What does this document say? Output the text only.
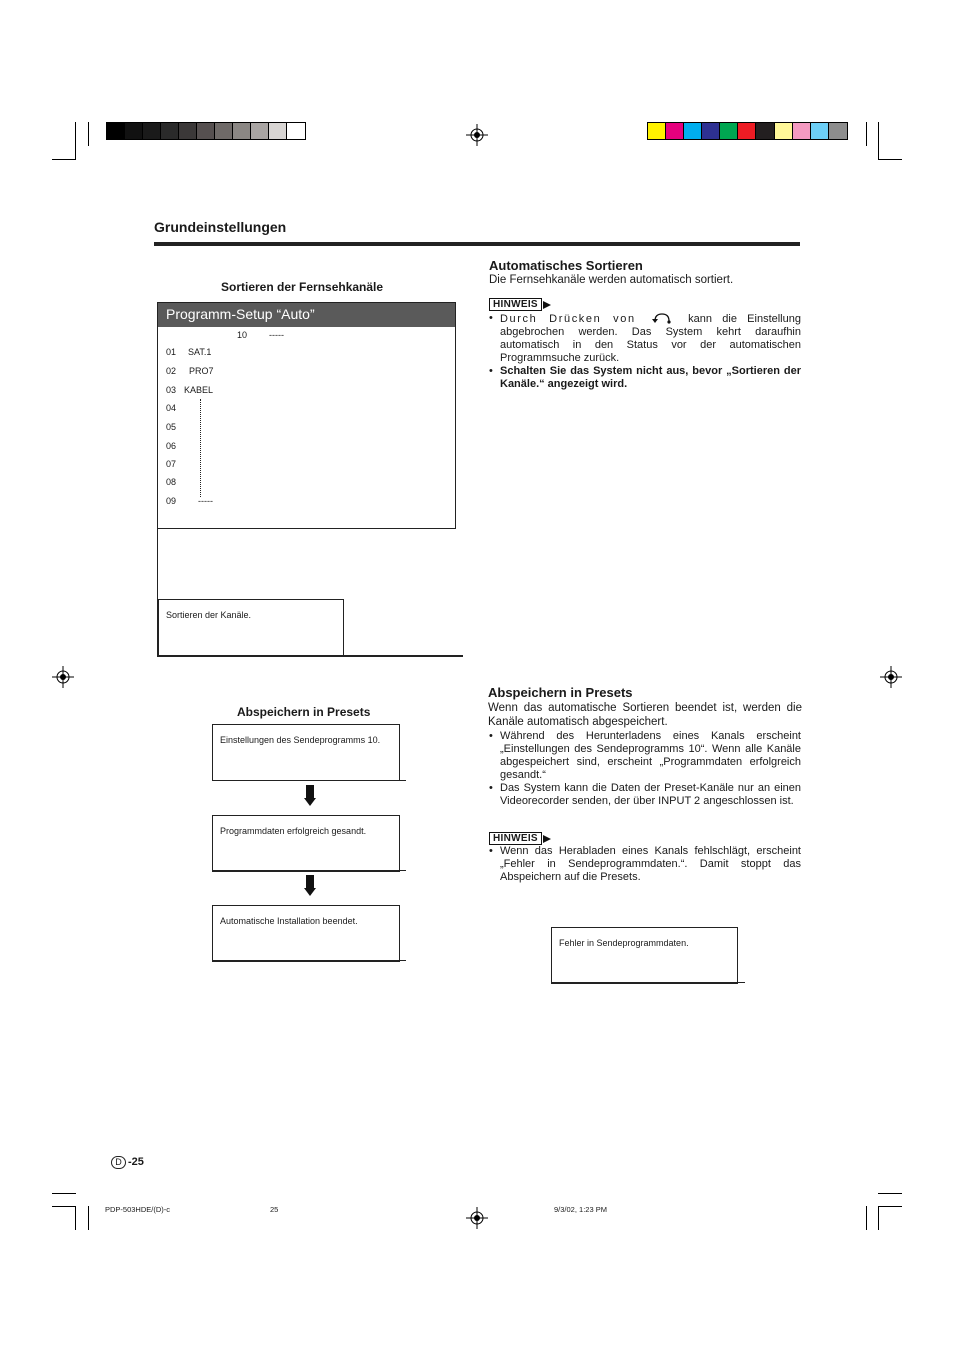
Grundeinstellungen
Sortieren der Fernsehkanäle
Programm-Setup “Auto”
10 -----
01 SAT.1
02 PRO7
03 KABEL
04
05
06
07
08
09 -----
Sortieren der Kanäle.
Abspeichern in Presets
Einstellungen des Sendeprogramms 10.
Programmdaten erfolgreich gesandt.
Automatische Installation beendet.
Automatisches Sortieren
Die Fernsehkanäle werden automatisch sortiert.
HINWEIS
• Durch Drücken von	kann die Einstellung abgebrochen werden. Das System kehrt daraufhin automatisch in den Status vor der automatischen Programmsuche zurück.
• Schalten Sie das System nicht aus, bevor „Sortieren der Kanäle.“ angezeigt wird.
Abspeichern in Presets
Wenn das automatische Sortieren beendet ist, werden die Kanäle automatisch abgespeichert.
• Während des Herunterladens eines Kanals erscheint „Einstellungen des Sendeprogramms 10“. Wenn alle Kanäle abgespeichert sind, erscheint „Programmdaten erfolgreich gesandt.“
• Das System kann die Daten der Preset-Kanäle nur an einen Videorecorder senden, der über INPUT 2 angeschlossen ist.
HINWEIS
• Wenn das Herabladen eines Kanals fehlschlägt, erscheint „Fehler in Sendeprogrammdaten.“. Damit stoppt das Abspeichern auf die Presets.
Fehler in Sendeprogrammdaten.
D -25
PDP-503HDE/(D)-c	25	9/3/02, 1:23 PM
